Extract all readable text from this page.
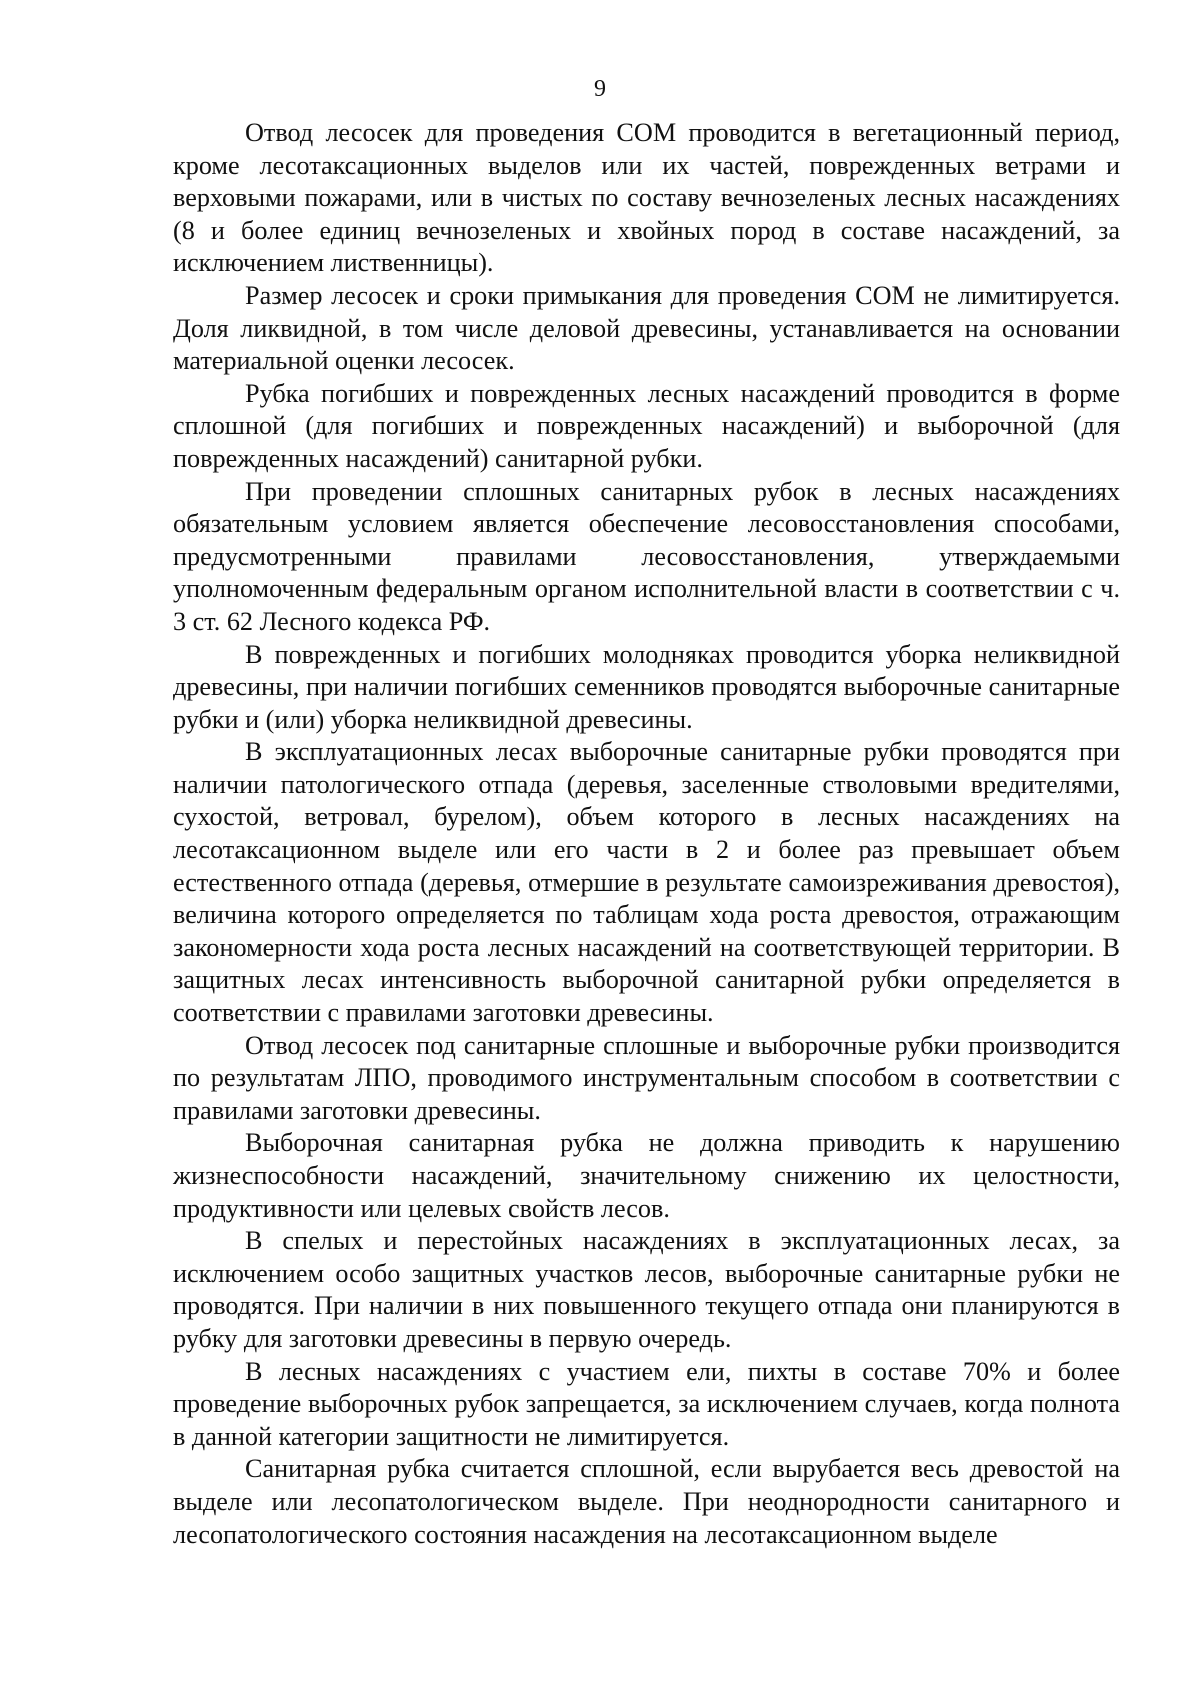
9

Отвод лесосек для проведения СОМ проводится в вегетационный период, кроме лесотаксационных выделов или их частей, поврежденных ветрами и верховыми пожарами, или в чистых по составу вечнозеленых лесных насаждениях (8 и более единиц вечнозеленых и хвойных пород в составе насаждений, за исключением лиственницы).

Размер лесосек и сроки примыкания для проведения СОМ не лимитируется. Доля ликвидной, в том числе деловой древесины, устанавливается на основании материальной оценки лесосек.

Рубка погибших и поврежденных лесных насаждений проводится в форме сплошной (для погибших и поврежденных насаждений) и выборочной (для поврежденных насаждений) санитарной рубки.

При проведении сплошных санитарных рубок в лесных насаждениях обязательным условием является обеспечение лесовосстановления способами, предусмотренными правилами лесовосстановления, утверждаемыми уполномоченным федеральным органом исполнительной власти в соответствии с ч. 3 ст. 62 Лесного кодекса РФ.

В поврежденных и погибших молодняках проводится уборка неликвидной древесины, при наличии погибших семенников проводятся выборочные санитарные рубки и (или) уборка неликвидной древесины.

В эксплуатационных лесах выборочные санитарные рубки проводятся при наличии патологического отпада (деревья, заселенные стволовыми вредителями, сухостой, ветровал, бурелом), объем которого в лесных насаждениях на лесотаксационном выделе или его части в 2 и более раз превышает объем естественного отпада (деревья, отмершие в результате самоизреживания древостоя), величина которого определяется по таблицам хода роста древостоя, отражающим закономерности хода роста лесных насаждений на соответствующей территории. В защитных лесах интенсивность выборочной санитарной рубки определяется в соответствии с правилами заготовки древесины.

Отвод лесосек под санитарные сплошные и выборочные рубки производится по результатам ЛПО, проводимого инструментальным способом в соответствии с правилами заготовки древесины.

Выборочная санитарная рубка не должна приводить к нарушению жизнеспособности насаждений, значительному снижению их целостности, продуктивности или целевых свойств лесов.

В спелых и перестойных насаждениях в эксплуатационных лесах, за исключением особо защитных участков лесов, выборочные санитарные рубки не проводятся. При наличии в них повышенного текущего отпада они планируются в рубку для заготовки древесины в первую очередь.

В лесных насаждениях с участием ели, пихты в составе 70% и более проведение выборочных рубок запрещается, за исключением случаев, когда полнота в данной категории защитности не лимитируется.

Санитарная рубка считается сплошной, если вырубается весь древостой на выделе или лесопатологическом выделе. При неоднородности санитарного и лесопатологического состояния насаждения на лесотаксационном выделе
